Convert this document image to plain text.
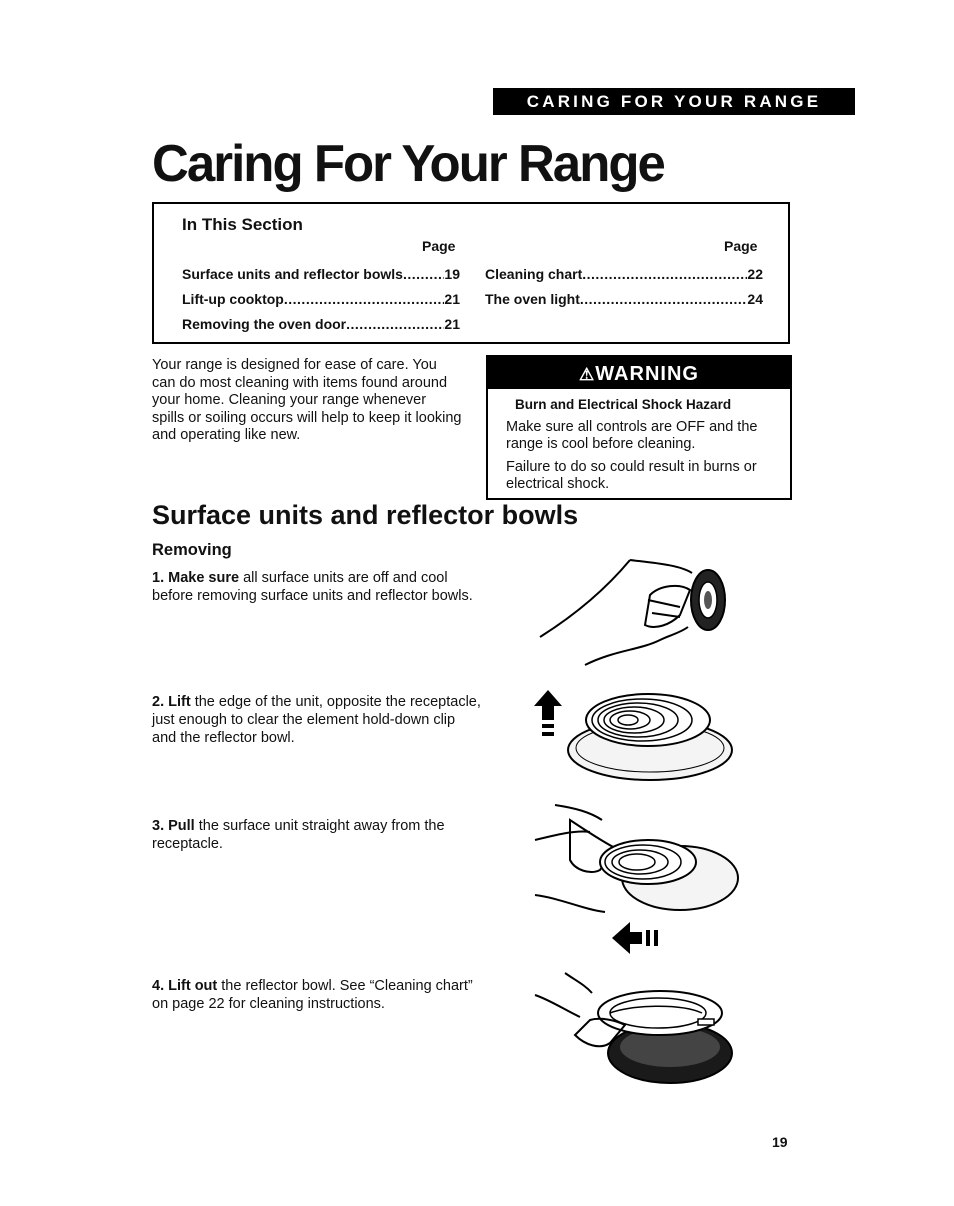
CARING FOR YOUR RANGE
Caring For Your Range
In This Section
Page	Page
Surface units and reflector bowls .....	19
Lift-up cooktop .....	21
Removing the oven door .....	21
Cleaning chart .....	22
The oven light .....	24
Your range is designed for ease of care. You can do most cleaning with items found around your home. Cleaning your range whenever spills or soiling occurs will help to keep it looking and operating like new.
⚠WARNING
Burn and Electrical Shock Hazard
Make sure all controls are OFF and the range is cool before cleaning.
Failure to do so could result in burns or electrical shock.
Surface units and reflector bowls
Removing
1. Make sure all surface units are off and cool before removing surface units and reflector bowls.
2. Lift the edge of the unit, opposite the receptacle, just enough to clear the element hold-down clip and the reflector bowl.
3. Pull the surface unit straight away from the receptacle.
4. Lift out the reflector bowl. See “Cleaning chart” on page 22 for cleaning instructions.
19
